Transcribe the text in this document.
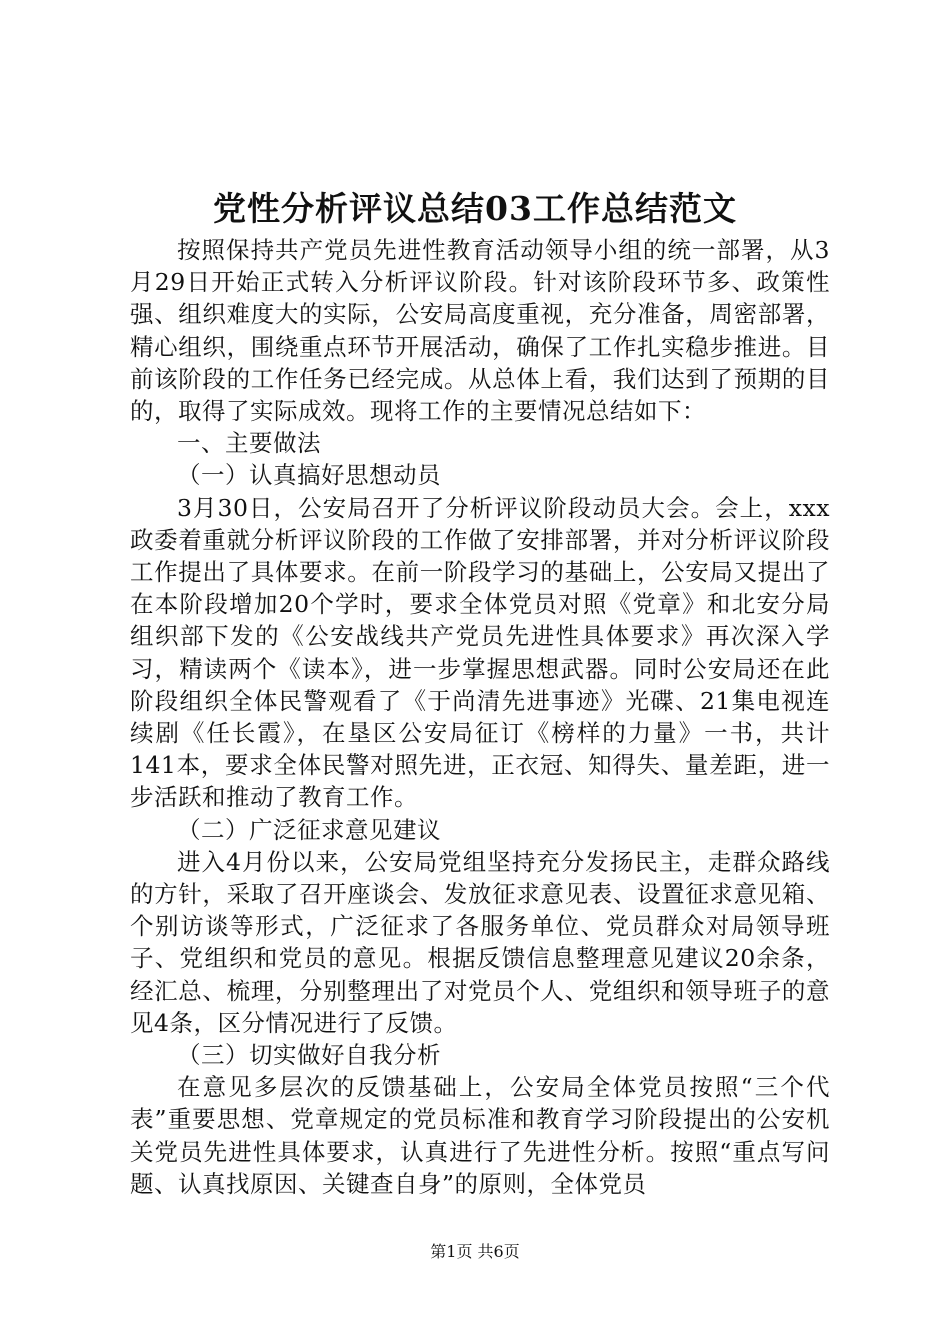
党性分析评议总结03工作总结范文

按照保持共产党员先进性教育活动领导小组的统一部署，从3月29日开始正式转入分析评议阶段。针对该阶段环节多、政策性强、组织难度大的实际，公安局高度重视，充分准备，周密部署，精心组织，围绕重点环节开展活动，确保了工作扎实稳步推进。目前该阶段的工作任务已经完成。从总体上看，我们达到了预期的目的，取得了实际成效。现将工作的主要情况总结如下：

一、主要做法
（一）认真搞好思想动员

3月30日，公安局召开了分析评议阶段动员大会。会上，xxx政委着重就分析评议阶段的工作做了安排部署，并对分析评议阶段工作提出了具体要求。在前一阶段学习的基础上，公安局又提出了在本阶段增加20个学时，要求全体党员对照《党章》和北安分局组织部下发的《公安战线共产党员先进性具体要求》再次深入学习，精读两个《读本》，进一步掌握思想武器。同时公安局还在此阶段组织全体民警观看了《于尚清先进事迹》光碟、21集电视连续剧《任长霞》，在垦区公安局征订《榜样的力量》一书，共计141本，要求全体民警对照先进，正衣冠、知得失、量差距，进一步活跃和推动了教育工作。

（二）广泛征求意见建议

进入4月份以来，公安局党组坚持充分发扬民主，走群众路线的方针，采取了召开座谈会、发放征求意见表、设置征求意见箱、个别访谈等形式，广泛征求了各服务单位、党员群众对局领导班子、党组织和党员的意见。根据反馈信息整理意见建议20余条，经汇总、梳理，分别整理出了对党员个人、党组织和领导班子的意见4条，区分情况进行了反馈。

（三）切实做好自我分析

在意见多层次的反馈基础上，公安局全体党员按照“三个代表”重要思想、党章规定的党员标准和教育学习阶段提出的公安机关党员先进性具体要求，认真进行了先进性分析。按照“重点写问题、认真找原因、关键查自身”的原则，全体党员

第1页 共6页
